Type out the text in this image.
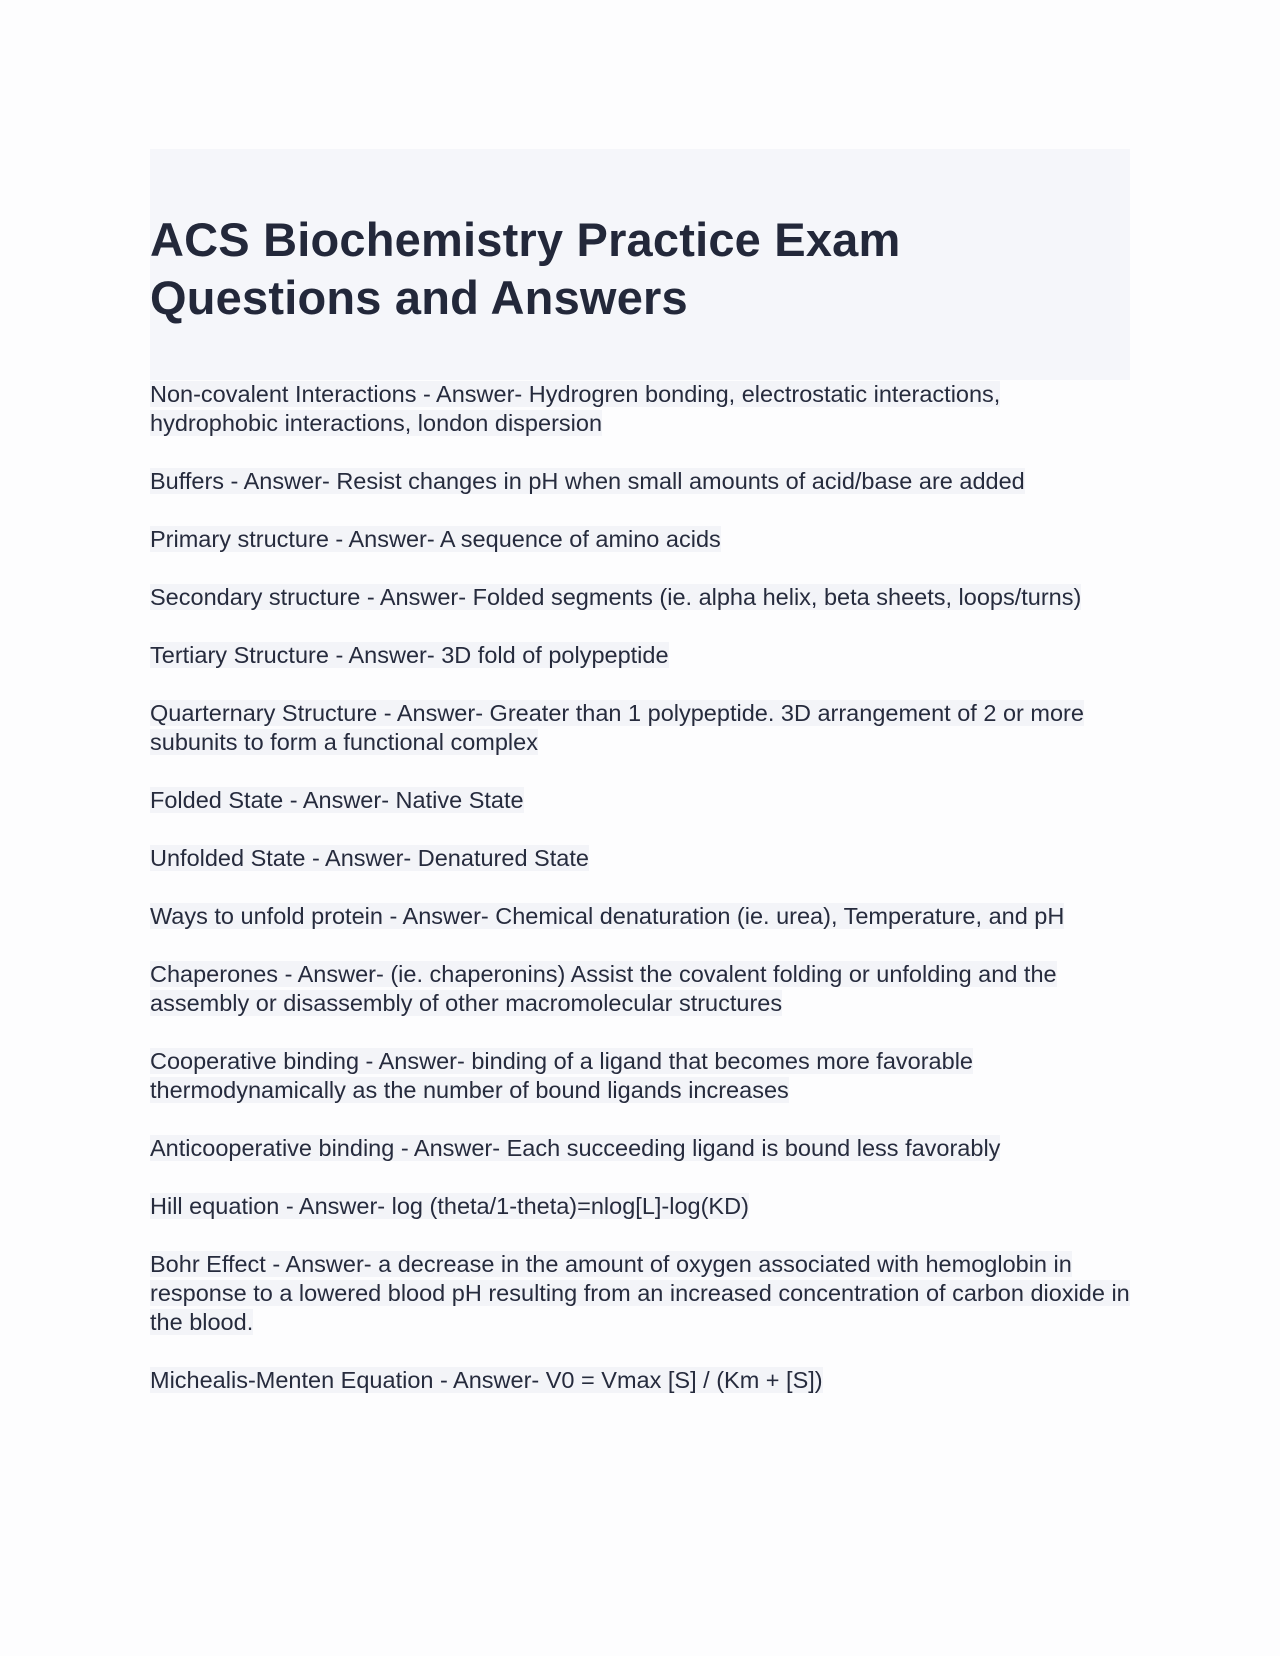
ACS Biochemistry Practice Exam Questions and Answers
Non-covalent Interactions - Answer- Hydrogren bonding, electrostatic interactions, hydrophobic interactions, london dispersion
Buffers - Answer- Resist changes in pH when small amounts of acid/base are added
Primary structure - Answer- A sequence of amino acids
Secondary structure - Answer- Folded segments (ie. alpha helix, beta sheets, loops/turns)
Tertiary Structure - Answer- 3D fold of polypeptide
Quarternary Structure - Answer- Greater than 1 polypeptide. 3D arrangement of 2 or more subunits to form a functional complex
Folded State - Answer- Native State
Unfolded State - Answer- Denatured State
Ways to unfold protein - Answer- Chemical denaturation (ie. urea), Temperature, and pH
Chaperones - Answer- (ie. chaperonins) Assist the covalent folding or unfolding and the assembly or disassembly of other macromolecular structures
Cooperative binding - Answer- binding of a ligand that becomes more favorable thermodynamically as the number of bound ligands increases
Anticooperative binding - Answer- Each succeeding ligand is bound less favorably
Hill equation - Answer- log (theta/1-theta)=nlog[L]-log(KD)
Bohr Effect - Answer- a decrease in the amount of oxygen associated with hemoglobin in response to a lowered blood pH resulting from an increased concentration of carbon dioxide in the blood.
Michealis-Menten Equation - Answer- V0 = Vmax [S] / (Km + [S])
